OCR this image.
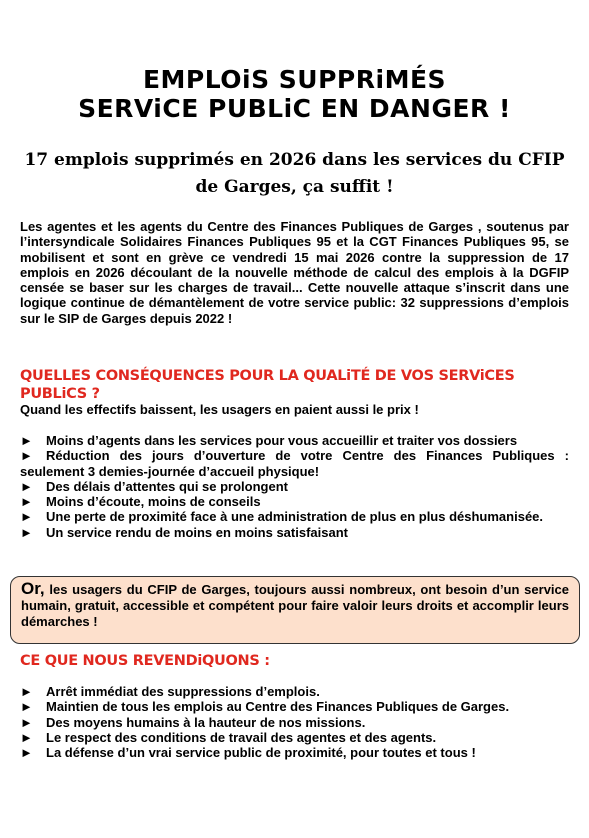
EMPLOiS SUPPRiMÉS
SERViCE PUBLiC EN DANGER !
17 emplois supprimés en 2026 dans les services du CFIP
de Garges, ça suffit !
Les agentes et les agents du Centre des Finances Publiques de Garges , soutenus par l’intersyndicale Solidaires Finances Publiques 95 et la CGT Finances Publiques 95, se mobilisent et sont en grève ce vendredi 15 mai 2026 contre la suppression de 17 emplois en 2026 découlant de la nouvelle méthode de calcul des emplois à la DGFIP censée se baser sur les charges de travail... Cette nouvelle attaque s’inscrit dans une logique continue de démantèlement de votre service public: 32 suppressions d’emplois sur le SIP de Garges depuis 2022 !
QUELLES CONSÉQUENCES POUR LA QUALiTÉ DE VOS SERViCES PUBLiCS ?
Quand les effectifs baissent, les usagers en paient aussi le prix !
► Moins d’agents dans les services pour vous accueillir et traiter vos dossiers
► Réduction des jours d’ouverture de votre Centre des Finances Publiques : seulement 3 demies-journée d’accueil physique!
► Des délais d’attentes qui se prolongent
► Moins d’écoute, moins de conseils
► Une perte de proximité face à une administration de plus en plus déshumanisée.
► Un service rendu de moins en moins satisfaisant
Or, les usagers du CFIP de Garges, toujours aussi nombreux, ont besoin d’un service humain, gratuit, accessible et compétent pour faire valoir leurs droits et accomplir leurs démarches !
CE QUE NOUS REVENDiQUONS :
► Arrêt immédiat des suppressions d’emplois.
► Maintien de tous les emplois au Centre des Finances Publiques de Garges.
► Des moyens humains à la hauteur de nos missions.
► Le respect des conditions de travail des agentes et des agents.
► La défense d’un vrai service public de proximité, pour toutes et tous !
